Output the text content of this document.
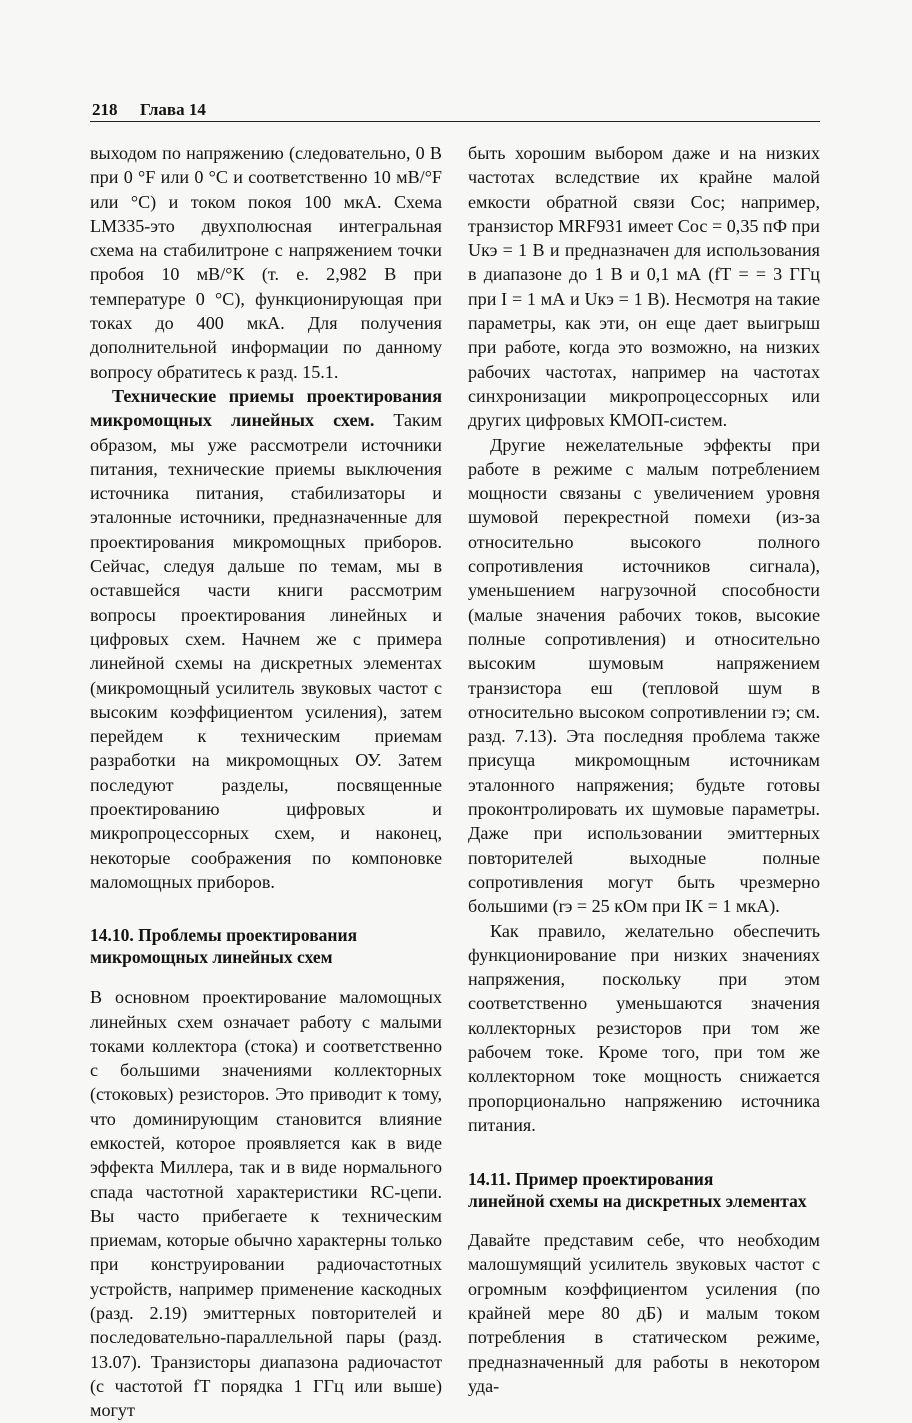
218 Глава 14

выходом по напряжению (следовательно, 0 В при 0 °F или 0 °С и соответственно 10 мВ/°F или °С) и током покоя 100 мкА. Схема LM335-это двухполюсная интегральная схема на стабилитроне с напряжением точки пробоя 10 мВ/°К (т. е. 2,982 В при температуре 0 °С), функционирующая при токах до 400 мкА. Для получения дополнительной информации по данному вопросу обратитесь к разд. 15.1.

Технические приемы проектирования микромощных линейных схем. Таким образом, мы уже рассмотрели источники питания, технические приемы выключения источника питания, стабилизаторы и эталонные источники, предназначенные для проектирования микромощных приборов. Сейчас, следуя дальше по темам, мы в оставшейся части книги рассмотрим вопросы проектирования линейных и цифровых схем. Начнем же с примера линейной схемы на дискретных элементах (микромощный усилитель звуковых частот с высоким коэффициентом усиления), затем перейдем к техническим приемам разработки на микромощных ОУ. Затем последуют разделы, посвященные проектированию цифровых и микропроцессорных схем, и наконец, некоторые соображения по компоновке маломощных приборов.

14.10. Проблемы проектирования
микромощных линейных схем

В основном проектирование маломощных линейных схем означает работу с малыми токами коллектора (стока) и соответственно с большими значениями коллекторных (стоковых) резисторов. Это приводит к тому, что доминирующим становится влияние емкостей, которое проявляется как в виде эффекта Миллера, так и в виде нормального спада частотной характеристики RC-цепи. Вы часто прибегаете к техническим приемам, которые обычно характерны только при конструировании радиочастотных устройств, например применение каскодных (разд. 2.19) эмиттерных повторителей и последовательно-параллельной пары (разд. 13.07). Транзисторы диапазона радиочастот (с частотой fТ порядка 1 ГГц или выше) могут

быть хорошим выбором даже и на низких частотах вследствие их крайне малой емкости обратной связи Cос; например, транзистор MRF931 имеет Cос = 0,35 пФ при Uкэ = 1 В и предназначен для использования в диапазоне до 1 В и 0,1 мА (fТ = = 3 ГГц при I = 1 мА и Uкэ = 1 В). Несмотря на такие параметры, как эти, он еще дает выигрыш при работе, когда это возможно, на низких рабочих частотах, например на частотах синхронизации микропроцессорных или других цифровых КМОП-систем.

Другие нежелательные эффекты при работе в режиме с малым потреблением мощности связаны с увеличением уровня шумовой перекрестной помехи (из-за относительно высокого полного сопротивления источников сигнала), уменьшением нагрузочной способности (малые значения рабочих токов, высокие полные сопротивления) и относительно высоким шумовым напряжением транзистора eш (тепловой шум в относительно высоком сопротивлении rэ; см. разд. 7.13). Эта последняя проблема также присуща микромощным источникам эталонного напряжения; будьте готовы проконтролировать их шумовые параметры. Даже при использовании эмиттерных повторителей выходные полные сопротивления могут быть чрезмерно большими (rэ = 25 кОм при IК = 1 мкА).

Как правило, желательно обеспечить функционирование при низких значениях напряжения, поскольку при этом соответственно уменьшаются значения коллекторных резисторов при том же рабочем токе. Кроме того, при том же коллекторном токе мощность снижается пропорционально напряжению источника питания.

14.11. Пример проектирования
линейной схемы на дискретных элементах

Давайте представим себе, что необходим малошумящий усилитель звуковых частот с огромным коэффициентом усиления (по крайней мере 80 дБ) и малым током потребления в статическом режиме, предназначенный для работы в некотором уда-
